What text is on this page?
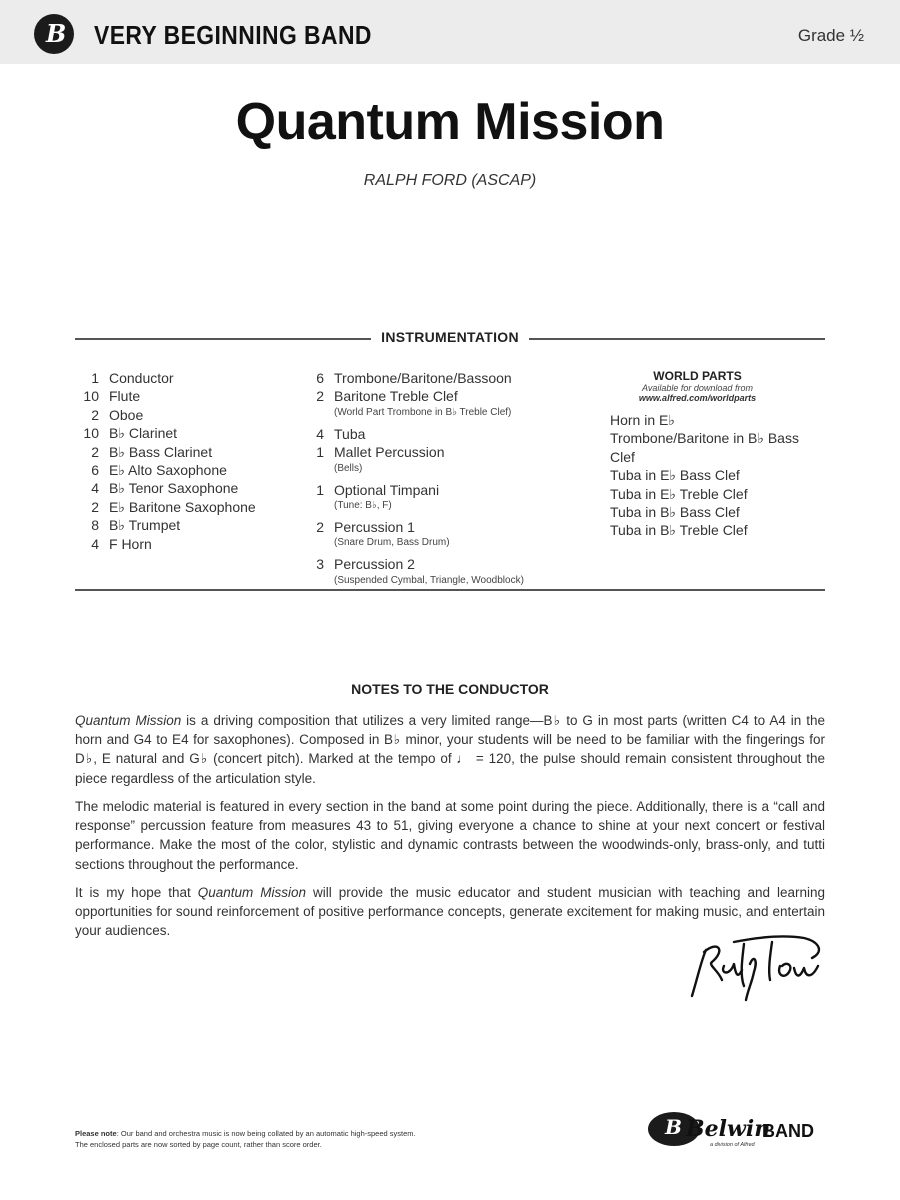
B
VERY BEGINNING BAND	Grade ½
Quantum Mission
RALPH FORD (ASCAP)
INSTRUMENTATION
1 Conductor
10 Flute
2 Oboe
10 B♭ Clarinet
2 B♭ Bass Clarinet
6 E♭ Alto Saxophone
4 B♭ Tenor Saxophone
2 E♭ Baritone Saxophone
8 B♭ Trumpet
4 F Horn
6 Trombone/Baritone/Bassoon
2 Baritone Treble Clef
(World Part Trombone in B♭ Treble Clef)
4 Tuba
1 Mallet Percussion
(Bells)
1 Optional Timpani
(Tune: B♭, F)
2 Percussion 1
(Snare Drum, Bass Drum)
3 Percussion 2
(Suspended Cymbal, Triangle, Woodblock)
WORLD PARTS
Available for download from
www.alfred.com/worldparts
Horn in E♭
Trombone/Baritone in B♭ Bass Clef
Tuba in E♭ Bass Clef
Tuba in E♭ Treble Clef
Tuba in B♭ Bass Clef
Tuba in B♭ Treble Clef
NOTES TO THE CONDUCTOR
Quantum Mission is a driving composition that utilizes a very limited range—B♭ to G in most parts (written C4 to A4 in the horn and G4 to E4 for saxophones). Composed in B♭ minor, your students will be need to be familiar with the fingerings for D♭, E natural and G♭ (concert pitch). Marked at the tempo of ♩ = 120, the pulse should remain consistent throughout the piece regardless of the articulation style.
The melodic material is featured in every section in the band at some point during the piece. Additionally, there is a “call and response” percussion feature from measures 43 to 51, giving everyone a chance to shine at your next concert or festival performance. Make the most of the color, stylistic and dynamic contrasts between the woodwinds-only, brass-only, and tutti sections throughout the performance.
It is my hope that Quantum Mission will provide the music educator and student musician with teaching and learning opportunities for sound reinforcement of positive performance concepts, generate excitement for making music, and entertain your audiences.
Please note: Our band and orchestra music is now being collated by an automatic high-speed system.
The enclosed parts are now sorted by page count, rather than score order.
B
Belwin
BAND
a division of Alfred
